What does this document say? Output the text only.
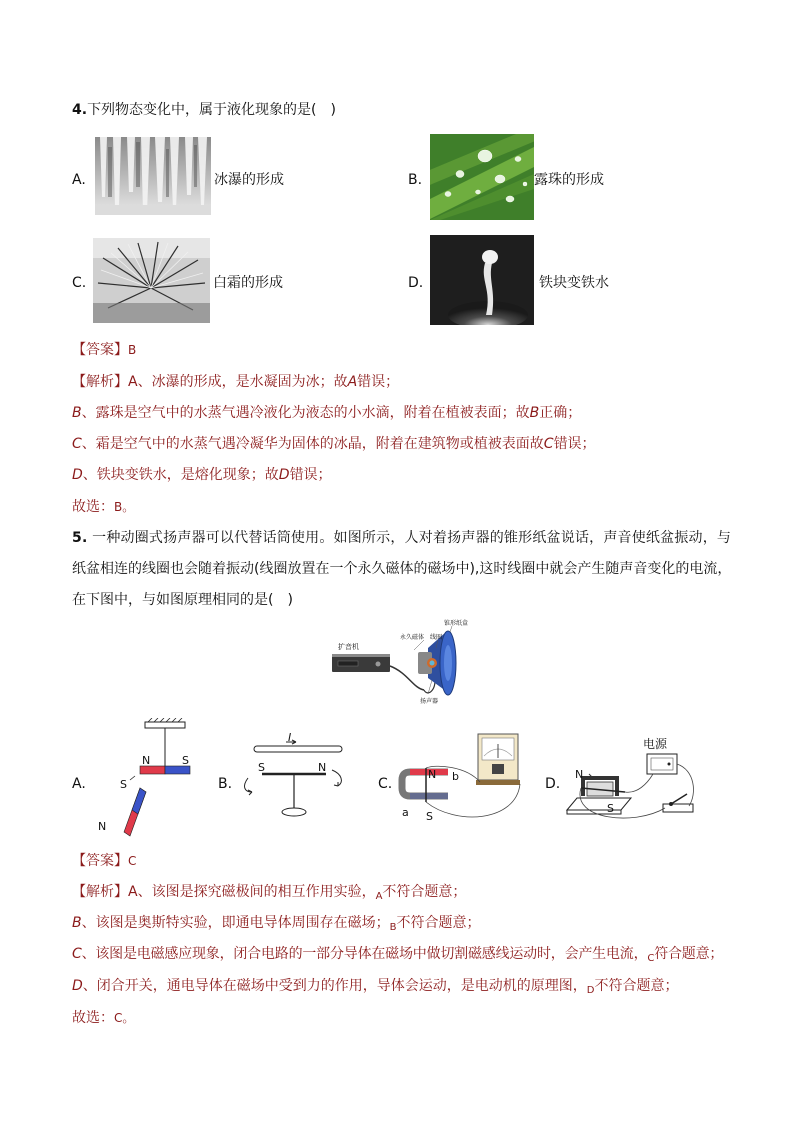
4.下列物态变化中，属于液化现象的是(　)
A.	冰瀑的形成	B.	露珠的形成
C.	白霜的形成	D.	铁块变铁水
【答案】B
【解析】A、冰瀑的形成，是水凝固为冰；故A错误；
B、露珠是空气中的水蒸气遇冷液化为液态的小水滴，附着在植被表面；故B正确；
C、霜是空气中的水蒸气遇冷凝华为固体的冰晶，附着在建筑物或植被表面故C错误；
D、铁块变铁水，是熔化现象；故D错误；
故选：B。
5. 一种动圈式扬声器可以代替话筒使用。如图所示，人对着扬声器的锥形纸盆说话，声音使纸盆振动，与
纸盆相连的线圈也会随着振动(线圈放置在一个永久磁体的磁场中),这时线圈中就会产生随声音变化的电流，
在下图中，与如图原理相同的是(　)
扩音机
永久磁体 线圈
锥形纸盒
扬声器
A.
N	S
S
N
B.
I
S	N
C.
N b
a S
D.
电源
N
S
【答案】C
【解析】A、该图是探究磁极间的相互作用实验，$_A$不符合题意；
B、该图是奥斯特实验，即通电导体周围存在磁场；$_B$不符合题意；
C、该图是电磁感应现象，闭合电路的一部分导体在磁场中做切割磁感线运动时，会产生电流，$_C$符合题意；
D、闭合开关，通电导体在磁场中受到力的作用，导体会运动，是电动机的原理图，$_D$不符合题意；
故选：C。
